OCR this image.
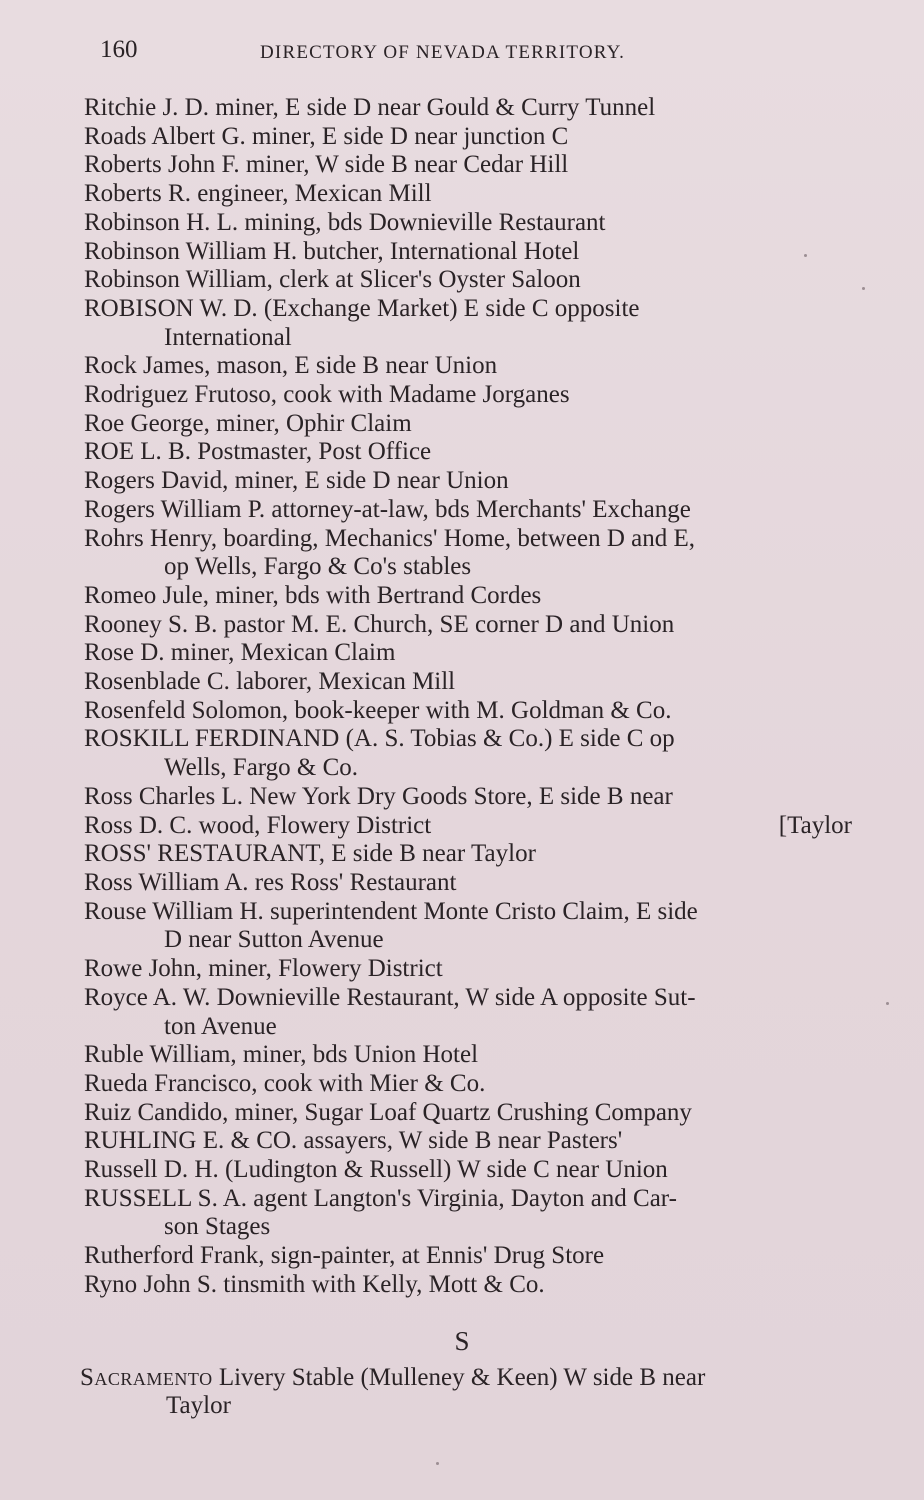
160	DIRECTORY OF NEVADA TERRITORY.
Ritchie J. D. miner, E side D near Gould & Curry Tunnel
Roads Albert G. miner, E side D near junction C
Roberts John F. miner, W side B near Cedar Hill
Roberts R. engineer, Mexican Mill
Robinson H. L. mining, bds Downieville Restaurant
Robinson William H. butcher, International Hotel
Robinson William, clerk at Slicer's Oyster Saloon
ROBISON W. D. (Exchange Market) E side C opposite
International
Rock James, mason, E side B near Union
Rodriguez Frutoso, cook with Madame Jorganes
Roe George, miner, Ophir Claim
ROE L. B. Postmaster, Post Office
Rogers David, miner, E side D near Union
Rogers William P. attorney-at-law, bds Merchants' Exchange
Rohrs Henry, boarding, Mechanics' Home, between D and E,
op Wells, Fargo & Co's stables
Romeo Jule, miner, bds with Bertrand Cordes
Rooney S. B. pastor M. E. Church, SE corner D and Union
Rose D. miner, Mexican Claim
Rosenblade C. laborer, Mexican Mill
Rosenfeld Solomon, book-keeper with M. Goldman & Co.
ROSKILL FERDINAND (A. S. Tobias & Co.) E side C op
Wells, Fargo & Co.
Ross Charles L. New York Dry Goods Store, E side B near
Ross D. C. wood, Flowery District	[Taylor
ROSS' RESTAURANT, E side B near Taylor
Ross William A. res Ross' Restaurant
Rouse William H. superintendent Monte Cristo Claim, E side
D near Sutton Avenue
Rowe John, miner, Flowery District
Royce A. W. Downieville Restaurant, W side A opposite Sut-
ton Avenue
Ruble William, miner, bds Union Hotel
Rueda Francisco, cook with Mier & Co.
Ruiz Candido, miner, Sugar Loaf Quartz Crushing Company
RUHLING E. & CO. assayers, W side B near Pasters'
Russell D. H. (Ludington & Russell) W side C near Union
RUSSELL S. A. agent Langton's Virginia, Dayton and Car-
son Stages
Rutherford Frank, sign-painter, at Ennis' Drug Store
Ryno John S. tinsmith with Kelly, Mott & Co.
S
Sacramento Livery Stable (Mulleney & Keen) W side B near
Taylor
